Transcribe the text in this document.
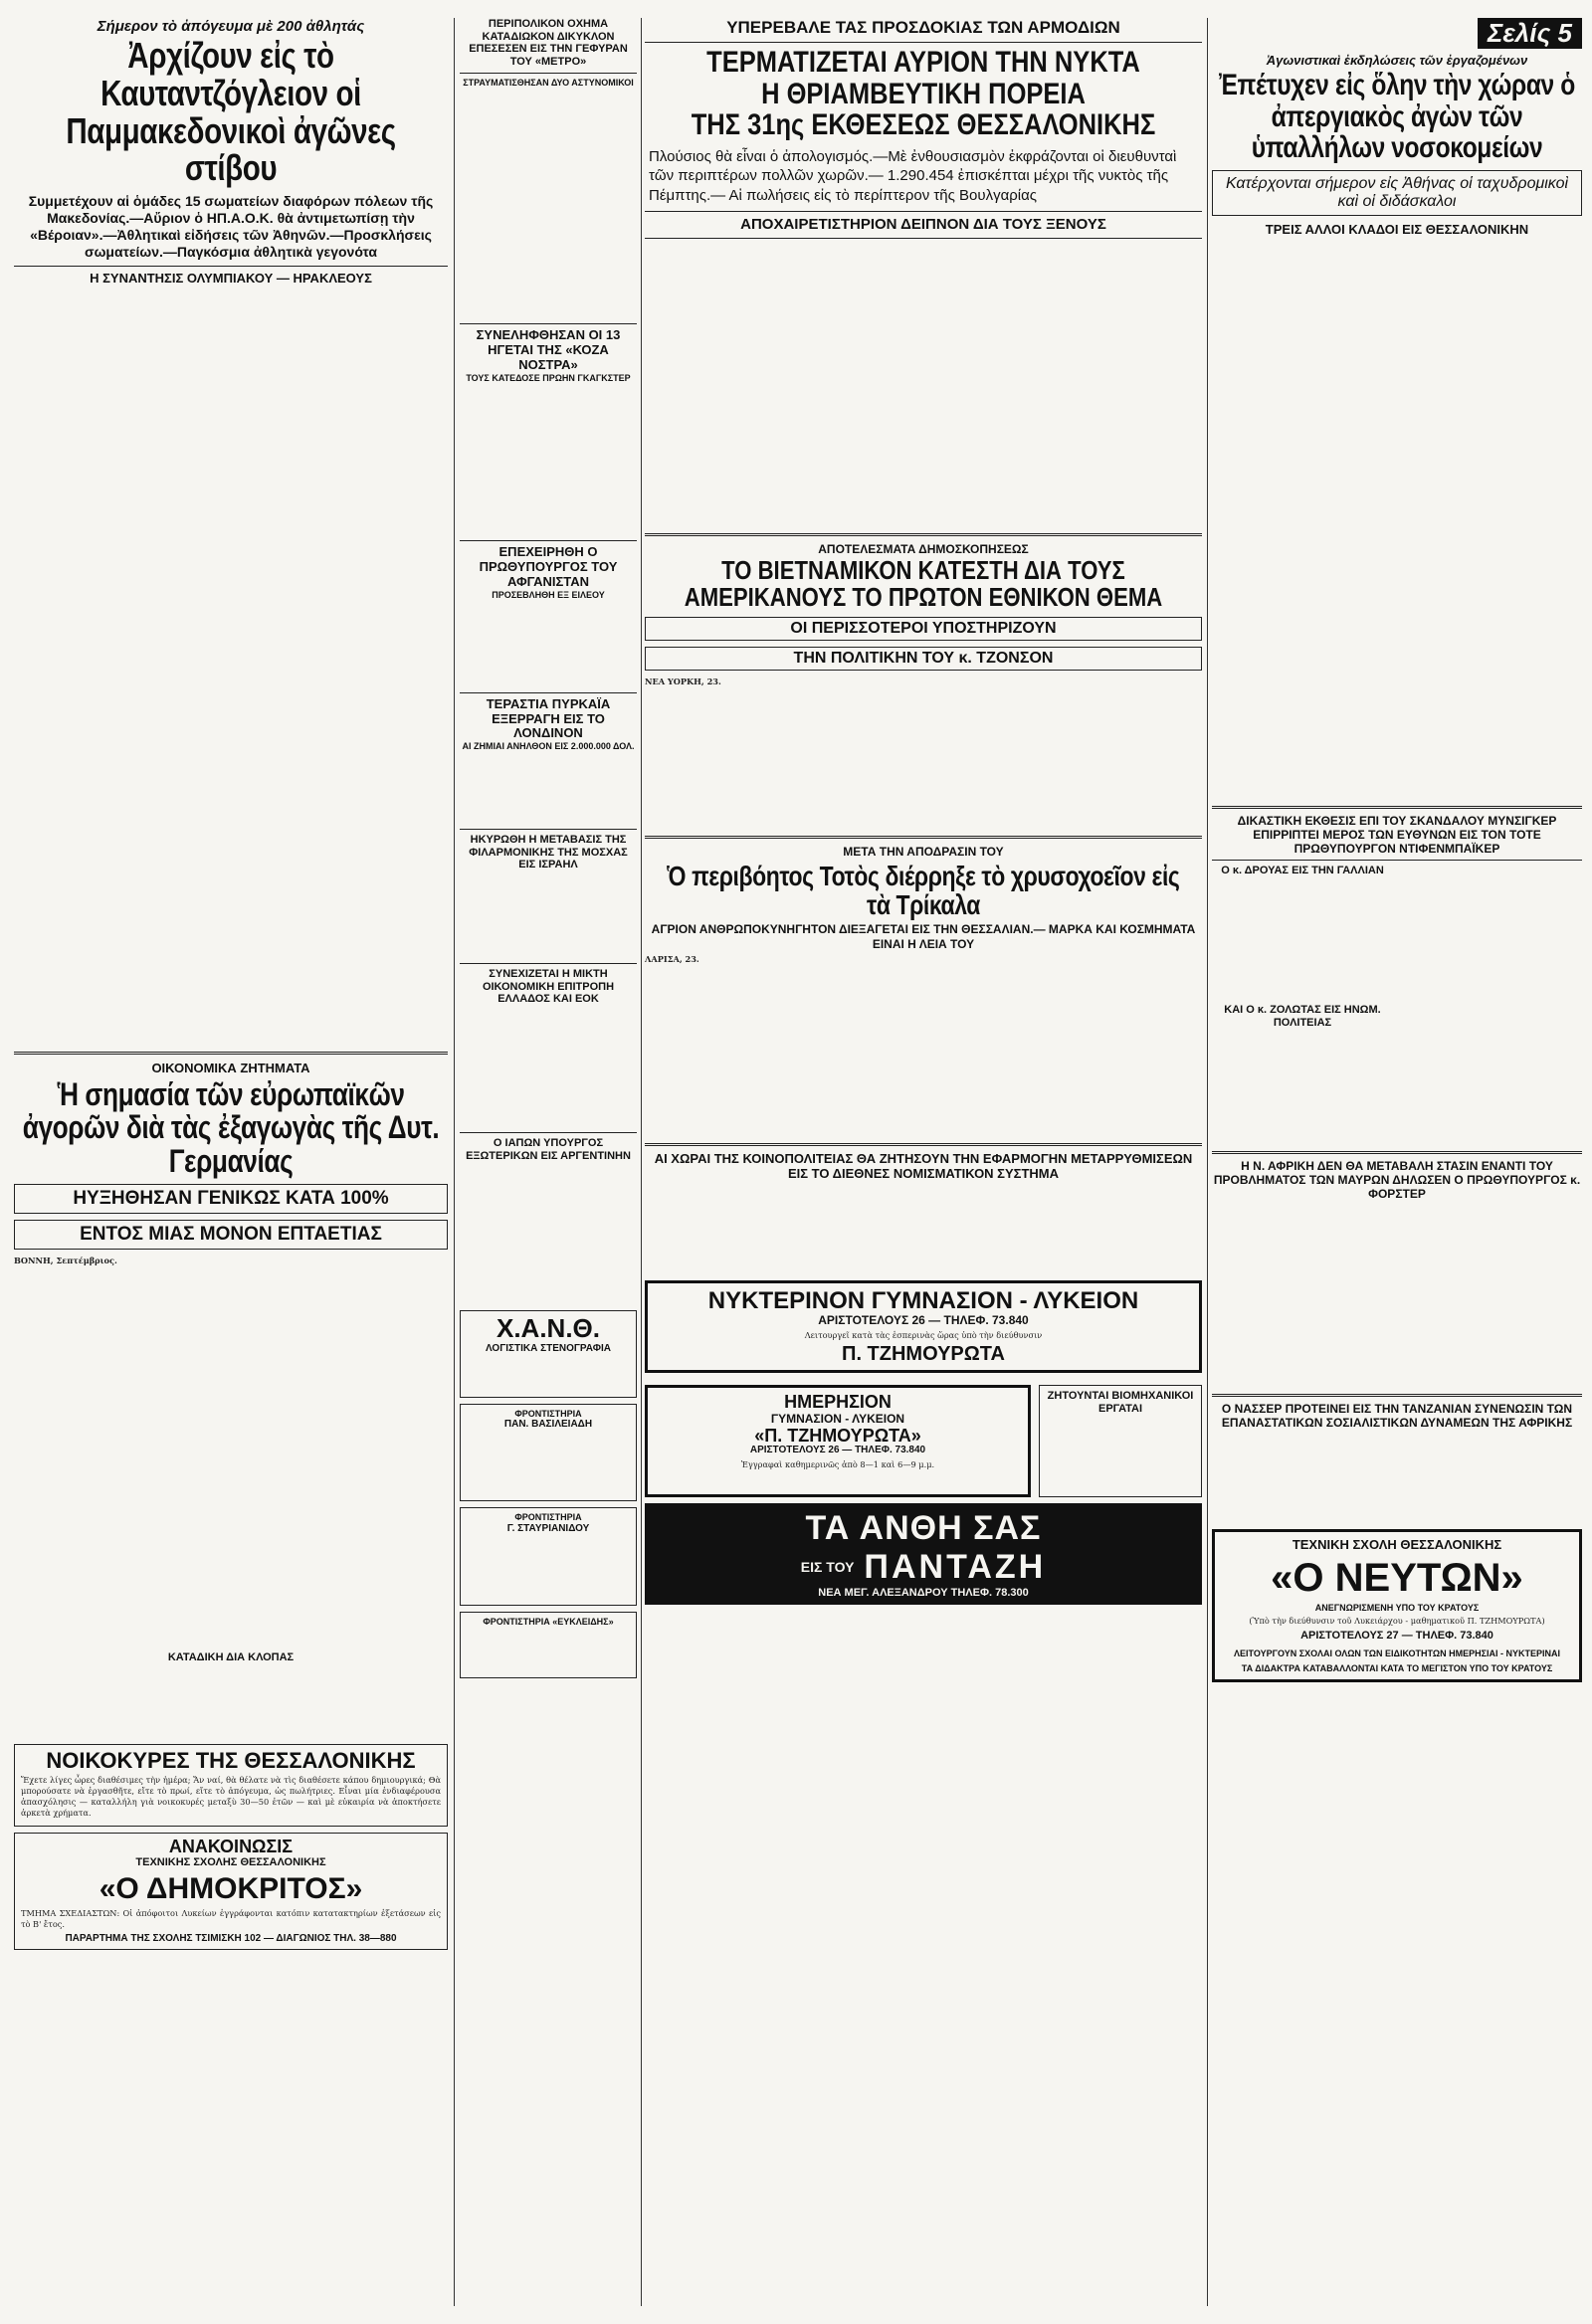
Σήμερον τὸ ἀπόγευμα μὲ 200 ἀθλητάς
Ἀρχίζουν εἰς τὸ Καυταντζόγλειον οἱ Παμμακεδονικοὶ ἀγῶνες στίβου
Συμμετέχουν αἱ ὁμάδες 15 σωματείων διαφόρων πόλεων τῆς Μακεδονίας.—Αὔριον ὁ ΗΠ.Α.Ο.Κ. θὰ ἀντιμετωπίσῃ τὴν «Βέροιαν».—Ἀθλητικαὶ εἰδήσεις τῶν Ἀθηνῶν.—Προσκλήσεις σωματείων.—Παγκόσμια ἀθλητικὰ γεγονότα
Η ΣΥΝΑΝΤΗΣΙΣ ΟΛΥΜΠΙΑΚΟΥ — ΗΡΑΚΛΕΟΥΣ
ΟΙΚΟΝΟΜΙΚΑ ΖΗΤΗΜΑΤΑ
Ἡ σημασία τῶν εὐρωπαϊκῶν ἀγορῶν διὰ τὰς ἐξαγωγὰς τῆς Δυτ. Γερμανίας
ΗΥΞΗΘΗΣΑΝ ΓΕΝΙΚΩΣ ΚΑΤΑ 100%
ΕΝΤΟΣ ΜΙΑΣ ΜΟΝΟΝ ΕΠΤΑΕΤΙΑΣ
ΒΟΝΝΗ, Σεπτέμβριος.
ΚΑΤΑΔΙΚΗ ΔΙΑ ΚΛΟΠΑΣ
ΝΟΙΚΟΚΥΡΕΣ ΤΗΣ ΘΕΣΣΑΛΟΝΙΚΗΣ
Ἔχετε λίγες ὧρες διαθέσιμες τὴν ἡμέρα; Ἄν ναί, θὰ θέλατε νὰ τὶς διαθέσετε κάπου δημιουργικά; Θὰ μπορούσατε νὰ ἐργασθῆτε, εἴτε τὸ πρωί, εἴτε τὸ ἀπόγευμα, ὡς πωλήτριες. Εἶναι μία ἐνδιαφέρουσα ἀπασχόλησις — καταλλήλη γιὰ νοικοκυρές μεταξὺ 30—50 ἐτῶν — καὶ μὲ εὐκαιρία νὰ ἀποκτήσετε ἀρκετὰ χρήματα.
ΑΝΑΚΟΙΝΩΣΙΣ
ΤΕΧΝΙΚΗΣ ΣΧΟΛΗΣ ΘΕΣΣΑΛΟΝΙΚΗΣ
«Ο ΔΗΜΟΚΡΙΤΟΣ»
ΤΜΗΜΑ ΣΧΕΔΙΑΣΤΩΝ: Οἱ ἀπόφοιτοι Λυκείων ἐγγράφονται κατόπιν κατατακτηρίων ἐξετάσεων εἰς τὸ Β' ἔτος.
ΠΑΡΑΡΤΗΜΑ ΤΗΣ ΣΧΟΛΗΣ ΤΣΙΜΙΣΚΗ 102 — ΔΙΑΓΩΝΙΟΣ ΤΗΛ. 38—880
ΠΕΡΙΠΟΛΙΚΟΝ ΟΧΗΜΑ ΚΑΤΑΔΙΩΚΟΝ ΔΙΚΥΚΛΟΝ ΕΠΕΣΕΣΕΝ ΕΙΣ ΤΗΝ ΓΕΦΥΡΑΝ ΤΟΥ «ΜΕΤΡΟ»
ΣΤΡΑΥΜΑΤΙΣΘΗΣΑΝ ΔΥΟ ΑΣΤΥΝΟΜΙΚΟΙ
ΣΥΝΕΛΗΦΘΗΣΑΝ ΟΙ 13 ΗΓΕΤΑΙ ΤΗΣ «ΚΟΖΑ ΝΟΣΤΡΑ»
ΤΟΥΣ ΚΑΤΕΔΟΣΕ ΠΡΩΗΝ ΓΚΑΓΚΣΤΕΡ
ΕΠΕΧΕΙΡΗΘΗ Ο ΠΡΩΘΥΠΟΥΡΓΟΣ ΤΟΥ ΑΦΓΑΝΙΣΤΑΝ
ΠΡΟΣΕΒΛΗΘΗ ΕΞ ΕΙΛΕΟΥ
ΤΕΡΑΣΤΙΑ ΠΥΡΚΑΪΑ ΕΞΕΡΡΑΓΗ ΕΙΣ ΤΟ ΛΟΝΔΙΝΟΝ
ΑΙ ΖΗΜΙΑΙ ΑΝΗΛΘΟΝ ΕΙΣ 2.000.000 ΔΟΛ.
ΗΚΥΡΩΘΗ Η ΜΕΤΑΒΑΣΙΣ ΤΗΣ ΦΙΛΑΡΜΟΝΙΚΗΣ ΤΗΣ ΜΟΣΧΑΣ ΕΙΣ ΙΣΡΑΗΛ
ΣΥΝΕΧΙΖΕΤΑΙ Η ΜΙΚΤΗ ΟΙΚΟΝΟΜΙΚΗ ΕΠΙΤΡΟΠΗ ΕΛΛΑΔΟΣ ΚΑΙ ΕΟΚ
Ο ΙΑΠΩΝ ΥΠΟΥΡΓΟΣ ΕΞΩΤΕΡΙΚΩΝ ΕΙΣ ΑΡΓΕΝΤΙΝΗΝ
Χ.Α.Ν.Θ.
ΛΟΓΙΣΤΙΚΑ ΣΤΕΝΟΓΡΑΦΙΑ
ΦΡΟΝΤΙΣΤΗΡΙΑ
ΠΑΝ. ΒΑΣΙΛΕΙΑΔΗ
ΦΡΟΝΤΙΣΤΗΡΙΑ
Γ. ΣΤΑΥΡΙΑΝΙΔΟΥ
ΦΡΟΝΤΙΣΤΗΡΙΑ «ΕΥΚΛΕΙΔΗΣ»
ΥΠΕΡΕΒΑΛΕ ΤΑΣ ΠΡΟΣΔΟΚΙΑΣ ΤΩΝ ΑΡΜΟΔΙΩΝ
ΤΕΡΜΑΤΙΖΕΤΑΙ ΑΥΡΙΟΝ ΤΗΝ ΝΥΚΤΑ
Η ΘΡΙΑΜΒΕΥΤΙΚΗ ΠΟΡΕΙΑ
ΤΗΣ 31ης ΕΚΘΕΣΕΩΣ ΘΕΣΣΑΛΟΝΙΚΗΣ
Πλούσιος θὰ εἶναι ὁ ἀπολογισμός.—Μὲ ἐνθουσιασμὸν ἐκφράζονται οἱ διευθυνταὶ τῶν περιπτέρων πολλῶν χωρῶν.— 1.290.454 ἐπισκέπται μέχρι τῆς νυκτὸς τῆς Πέμπτης.— Αἱ πωλήσεις εἰς τὸ περίπτερον τῆς Βουλγαρίας
ΑΠΟΧΑΙΡΕΤΙΣΤΗΡΙΟΝ ΔΕΙΠΝΟΝ ΔΙΑ ΤΟΥΣ ΞΕΝΟΥΣ
ΑΠΟΤΕΛΕΣΜΑΤΑ ΔΗΜΟΣΚΟΠΗΣΕΩΣ
ΤΟ ΒΙΕΤΝΑΜΙΚΟΝ ΚΑΤΕΣΤΗ ΔΙΑ ΤΟΥΣ ΑΜΕΡΙΚΑΝΟΥΣ ΤΟ ΠΡΩΤΟΝ ΕΘΝΙΚΟΝ ΘΕΜΑ
ΟΙ ΠΕΡΙΣΣΟΤΕΡΟΙ ΥΠΟΣΤΗΡΙΖΟΥΝ
ΤΗΝ ΠΟΛΙΤΙΚΗΝ ΤΟΥ κ. ΤΖΟΝΣΟΝ
ΝΕΑ ΥΟΡΚΗ, 23.
ΜΕΤΑ ΤΗΝ ΑΠΟΔΡΑΣΙΝ ΤΟΥ
Ὁ περιβόητος Τοτὸς διέρρηξε τὸ χρυσοχοεῖον εἰς τὰ Τρίκαλα
ΑΓΡΙΟΝ ΑΝΘΡΩΠΟΚΥΝΗΓΗΤΟΝ ΔΙΕΞΑΓΕΤΑΙ ΕΙΣ ΤΗΝ ΘΕΣΣΑΛΙΑΝ.— ΜΑΡΚΑ ΚΑΙ ΚΟΣΜΗΜΑΤΑ ΕΙΝΑΙ Η ΛΕΙΑ ΤΟΥ
ΛΑΡΙΣΑ, 23.
ΑΙ ΧΩΡΑΙ ΤΗΣ ΚΟΙΝΟΠΟΛΙΤΕΙΑΣ ΘΑ ΖΗΤΗΣΟΥΝ ΤΗΝ ΕΦΑΡΜΟΓΗΝ ΜΕΤΑΡΡΥΘΜΙΣΕΩΝ ΕΙΣ ΤΟ ΔΙΕΘΝΕΣ ΝΟΜΙΣΜΑΤΙΚΟΝ ΣΥΣΤΗΜΑ
ΝΥΚΤΕΡΙΝΟΝ ΓΥΜΝΑΣΙΟΝ - ΛΥΚΕΙΟΝ
ΑΡΙΣΤΟΤΕΛΟΥΣ 26 — ΤΗΛΕΦ. 73.840
Λειτουργεῖ κατὰ τὰς ἑσπερινὰς ὥρας ὑπὸ τὴν διεύθυνσιν
Π. ΤΖΗΜΟΥΡΩΤΑ
ΗΜΕΡΗΣΙΟΝ
ΓΥΜΝΑΣΙΟΝ - ΛΥΚΕΙΟΝ
«Π. ΤΖΗΜΟΥΡΩΤΑ»
ΑΡΙΣΤΟΤΕΛΟΥΣ 26 — ΤΗΛΕΦ. 73.840
Ἐγγραφαὶ καθημερινῶς ἀπὸ 8—1 καὶ 6—9 μ.μ.
ΖΗΤΟΥΝΤΑΙ ΒΙΟΜΗΧΑΝΙΚΟΙ ΕΡΓΑΤΑΙ
ΤΑ ΑΝΘΗ ΣΑΣ
ΕΙΣ ΤΟΥ ΠΑΝΤΑΖΗ
ΝΕΑ ΜΕΓ. ΑΛΕΞΑΝΔΡΟΥ ΤΗΛΕΦ. 78.300
Σελίς 5
Ἀγωνιστικαὶ ἐκδηλώσεις τῶν ἐργαζομένων
Ἐπέτυχεν εἰς ὅλην τὴν χώραν ὁ ἀπεργιακὸς ἀγὼν τῶν ὑπαλλήλων νοσοκομείων
Κατέρχονται σήμερον εἰς Ἀθήνας οἱ ταχυδρομικοὶ καὶ οἱ διδάσκαλοι
ΤΡΕΙΣ ΑΛΛΟΙ ΚΛΑΔΟΙ ΕΙΣ ΘΕΣΣΑΛΟΝΙΚΗΝ
ΔΙΚΑΣΤΙΚΗ ΕΚΘΕΣΙΣ ΕΠΙ ΤΟΥ ΣΚΑΝΔΑΛΟΥ ΜΥΝΣΙΓΚΕΡ ΕΠΙΡΡΙΠΤΕΙ ΜΕΡΟΣ ΤΩΝ ΕΥΘΥΝΩΝ ΕΙΣ ΤΟΝ ΤΟΤΕ ΠΡΩΘΥΠΟΥΡΓΟΝ ΝΤΙΦΕΝΜΠΑΪΚΕΡ
Ο κ. ΔΡΟΥΑΣ ΕΙΣ ΤΗΝ ΓΑΛΛΙΑΝ
ΚΑΙ Ο κ. ΖΟΛΩΤΑΣ ΕΙΣ ΗΝΩΜ. ΠΟΛΙΤΕΙΑΣ
Η Ν. ΑΦΡΙΚΗ ΔΕΝ ΘΑ ΜΕΤΑΒΑΛΗ ΣΤΑΣΙΝ ΕΝΑΝΤΙ ΤΟΥ ΠΡΟΒΛΗΜΑΤΟΣ ΤΩΝ ΜΑΥΡΩΝ ΔΗΛΩΣΕΝ Ο ΠΡΩΘΥΠΟΥΡΓΟΣ κ. ΦΟΡΣΤΕΡ
Ο ΝΑΣΣΕΡ ΠΡΟΤΕΙΝΕΙ ΕΙΣ ΤΗΝ ΤΑΝΖΑΝΙΑΝ ΣΥΝΕΝΩΣΙΝ ΤΩΝ ΕΠΑΝΑΣΤΑΤΙΚΩΝ ΣΟΣΙΑΛΙΣΤΙΚΩΝ ΔΥΝΑΜΕΩΝ ΤΗΣ ΑΦΡΙΚΗΣ
ΤΕΧΝΙΚΗ ΣΧΟΛΗ ΘΕΣΣΑΛΟΝΙΚΗΣ
«Ο ΝΕΥΤΩΝ»
ΑΝΕΓΝΩΡΙΣΜΕΝΗ ΥΠΟ ΤΟΥ ΚΡΑΤΟΥΣ
(Ὑπὸ τὴν διεύθυνσιν τοῦ Λυκειάρχου - μαθηματικοῦ Π. ΤΖΗΜΟΥΡΩΤΑ)
ΑΡΙΣΤΟΤΕΛΟΥΣ 27 — ΤΗΛΕΦ. 73.840
ΛΕΙΤΟΥΡΓΟΥΝ ΣΧΟΛΑΙ ΟΛΩΝ ΤΩΝ ΕΙΔΙΚΟΤΗΤΩΝ ΗΜΕΡΗΣΙΑΙ - ΝΥΚΤΕΡΙΝΑΙ
ΤΑ ΔΙΔΑΚΤΡΑ ΚΑΤΑΒΑΛΛΟΝΤΑΙ ΚΑΤΑ ΤΟ ΜΕΓΙΣΤΟΝ ΥΠΟ ΤΟΥ ΚΡΑΤΟΥΣ
